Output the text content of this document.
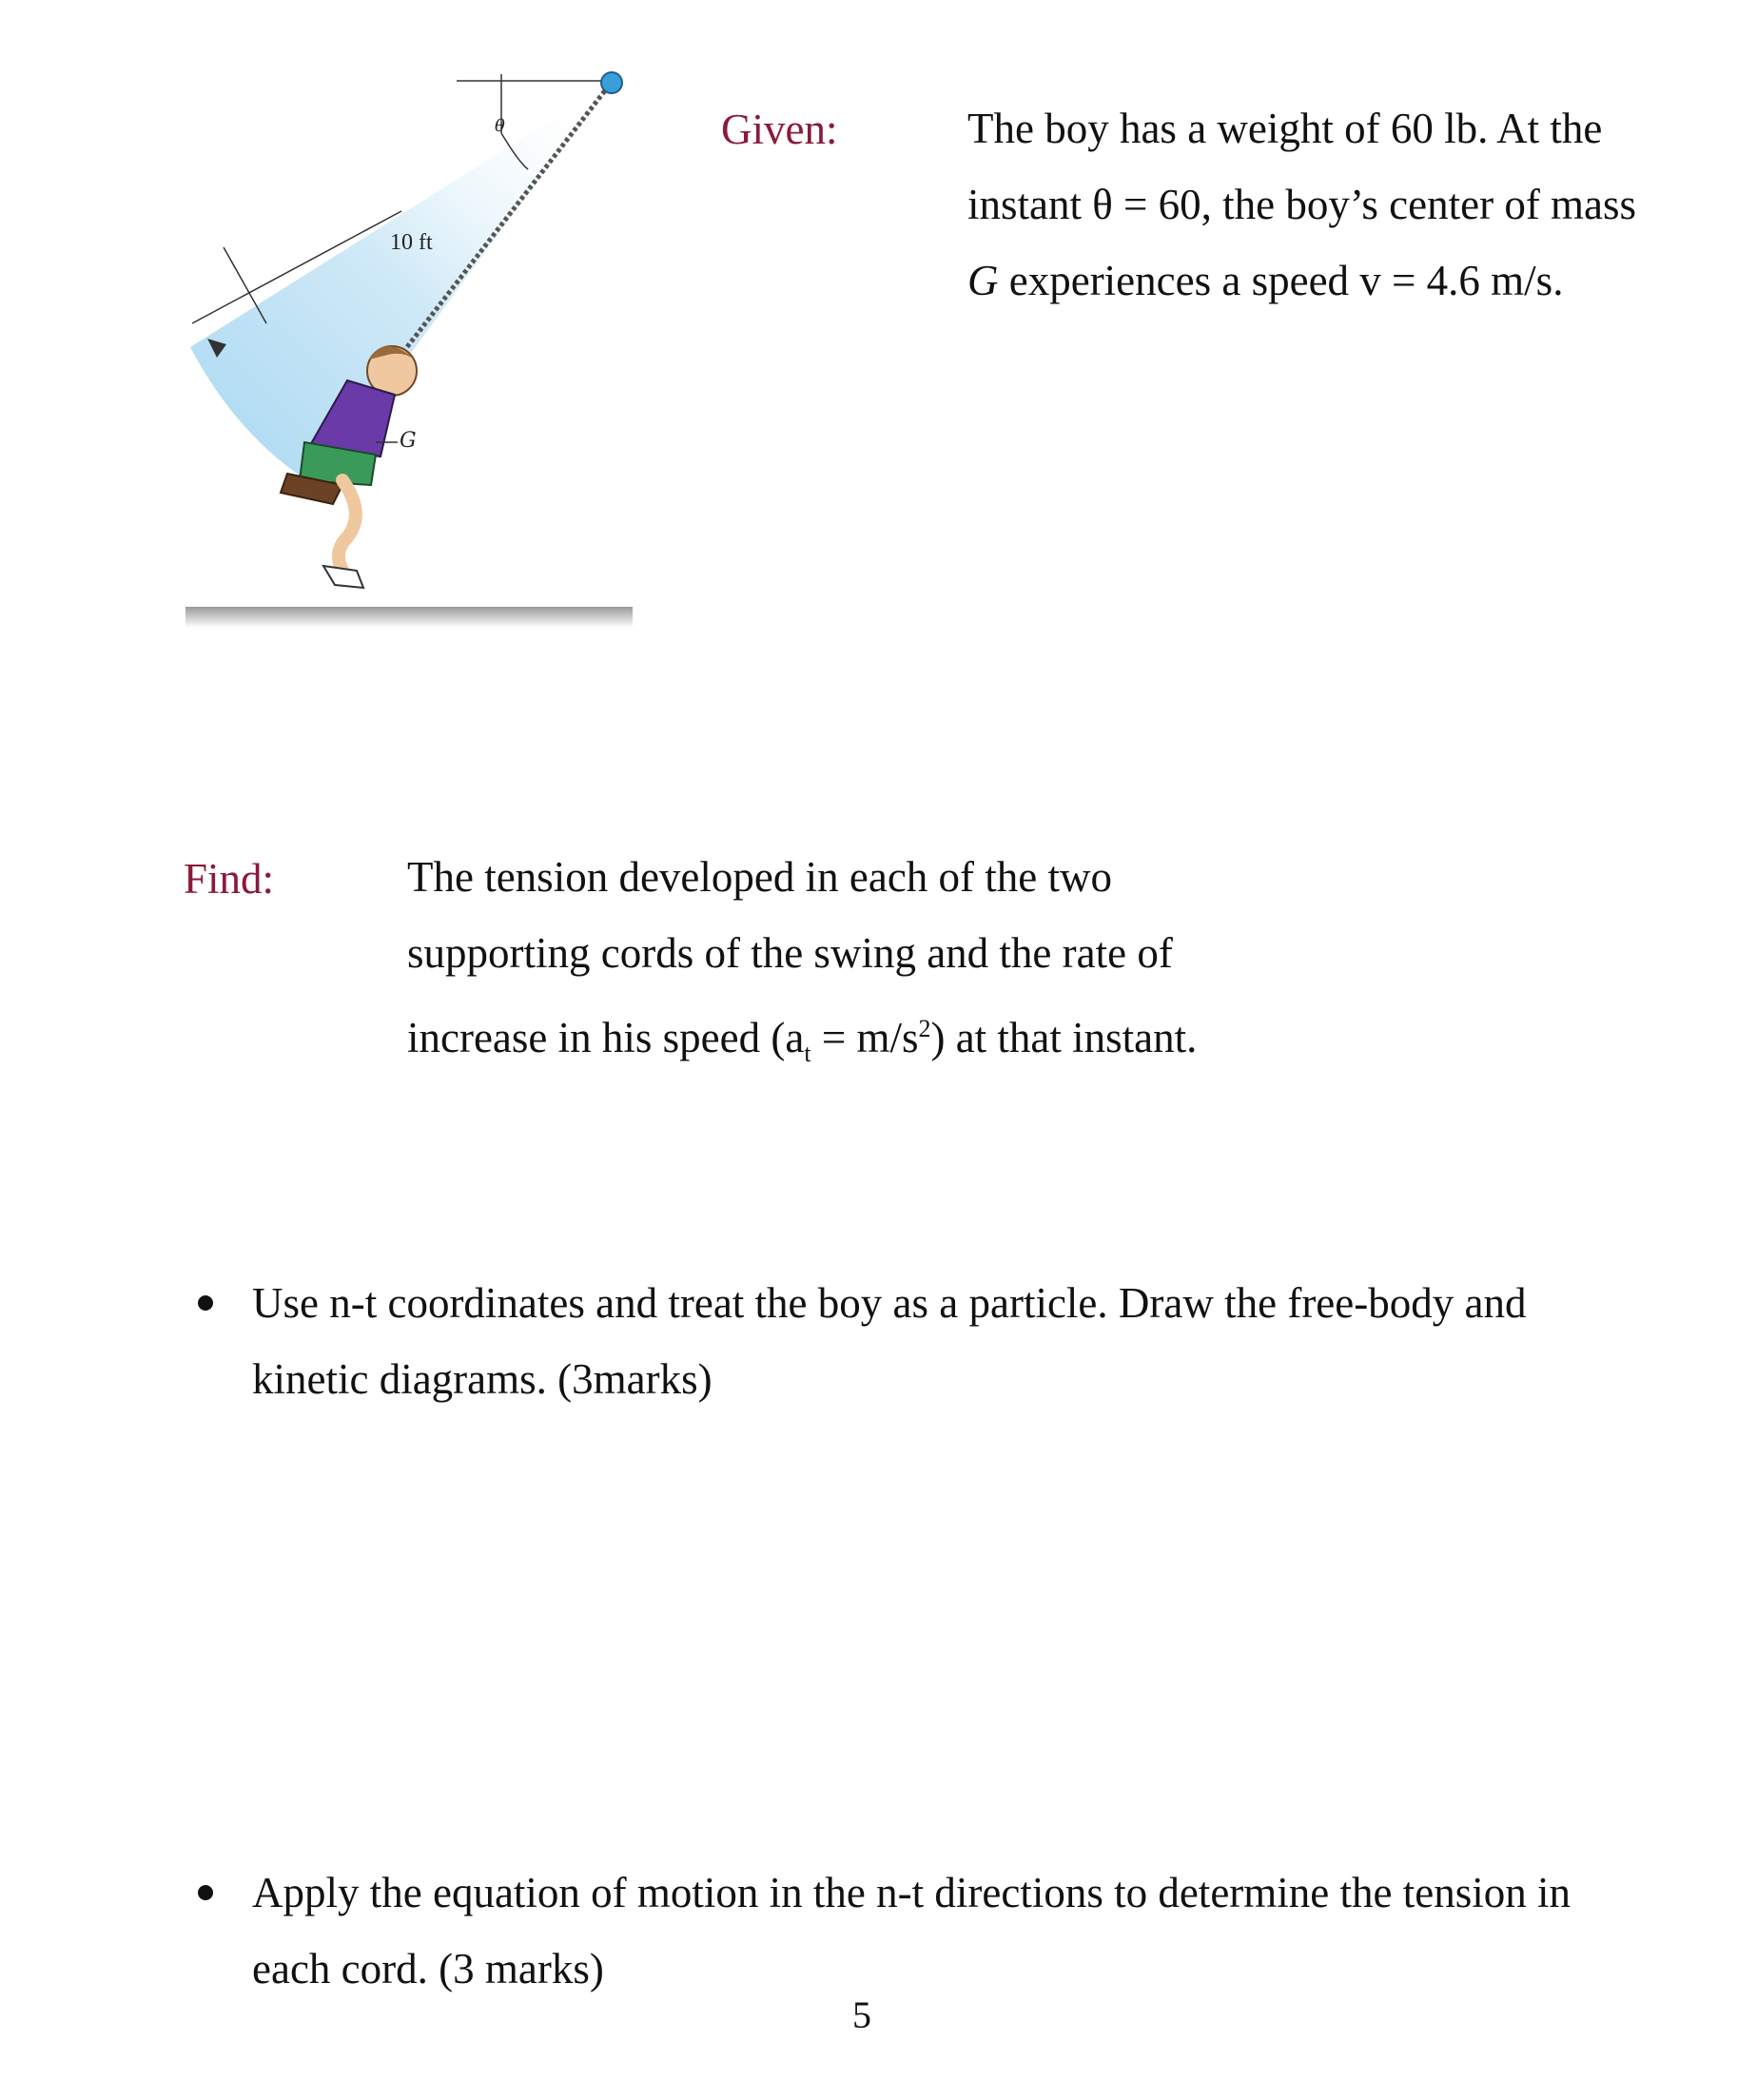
θ
10 ft
G
Given:	The boy has a weight of 60 lb. At the
instant θ = 60, the boy’s center of mass
G experiences a speed v = 4.6 m/s.
Find:	The tension developed in each of the two
supporting cords of the swing and the rate of
increase in his speed $(a_t = m/s^2)$ at that instant.
Use n-t coordinates and treat the boy as a particle. Draw the free-body and
kinetic diagrams. (3marks)
Apply the equation of motion in the n-t directions to determine the tension in
each cord. (3 marks)
5
